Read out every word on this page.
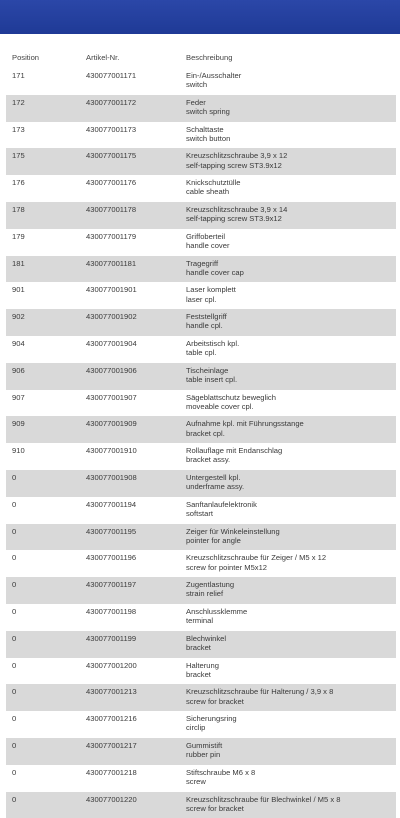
Position	Artikel-Nr.	Beschreibung
171	430077001171	Ein-/Ausschalter
switch
172	430077001172	Feder
switch spring
173	430077001173	Schalttaste
switch button
175	430077001175	Kreuzschlitzschraube 3,9 x 12
self-tapping screw ST3.9x12
176	430077001176	Knickschutztülle
cable sheath
178	430077001178	Kreuzschlitzschraube 3,9 x 14
self-tapping screw ST3.9x12
179	430077001179	Griffoberteil
handle cover
181	430077001181	Tragegriff
handle cover cap
901	430077001901	Laser komplett
laser cpl.
902	430077001902	Feststellgriff
handle cpl.
904	430077001904	Arbeitstisch kpl.
table cpl.
906	430077001906	Tischeinlage
table insert cpl.
907	430077001907	Sägeblattschutz beweglich
moveable cover cpl.
909	430077001909	Aufnahme kpl. mit Führungsstange
bracket cpl.
910	430077001910	Rollauflage mit Endanschlag
bracket assy.
0	430077001908	Untergestell kpl.
underframe assy.
0	430077001194	Sanftanlaufelektronik
softstart
0	430077001195	Zeiger für Winkeleinstellung
pointer for angle
0	430077001196	Kreuzschlitzschraube für Zeiger / M5 x 12
screw for pointer M5x12
0	430077001197	Zugentlastung
strain relief
0	430077001198	Anschlussklemme
terminal
0	430077001199	Blechwinkel
bracket
0	430077001200	Halterung
bracket
0	430077001213	Kreuzschlitzschraube für Halterung / 3,9 x 8
screw for bracket
0	430077001216	Sicherungsring
circlip
0	430077001217	Gummistift
rubber pin
0	430077001218	Stiftschraube M6 x 8
screw
0	430077001220	Kreuzschlitzschraube für Blechwinkel / M5 x 8
screw for bracket
